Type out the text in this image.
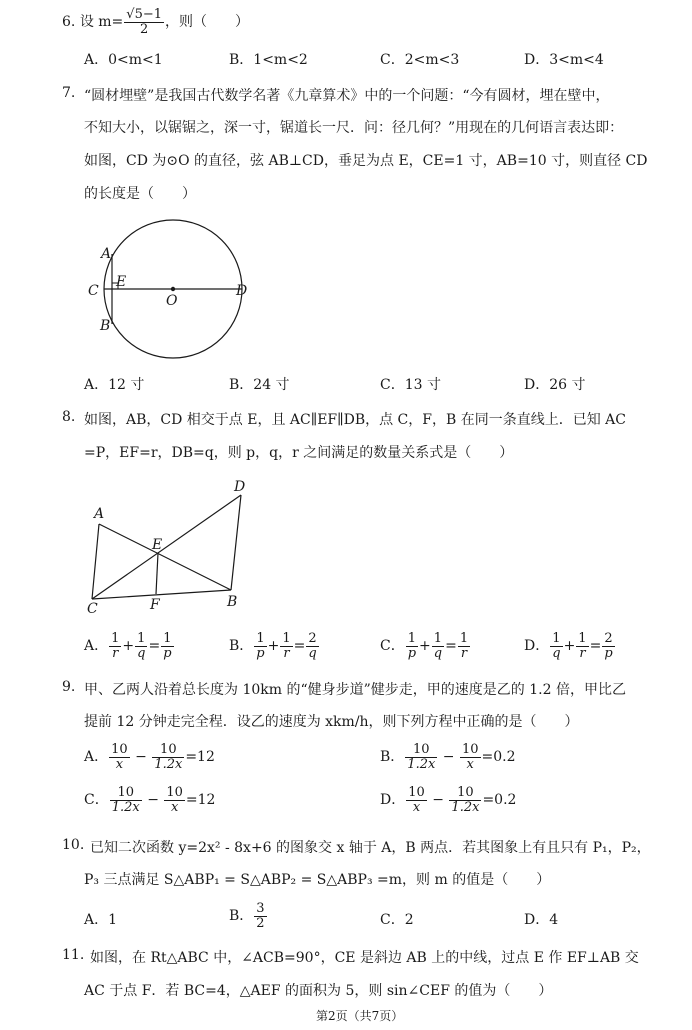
6. 设 $m= \frac{√5-1}{2}$ ，则（　　）
A．0<m<1	B．1<m<2	C．2<m<3	D．3<m<4
7. “圆材埋壁”是我国古代数学名著《九章算术》中的一个问题：“今有圆材，埋在壁中，
不知大小，以锯锯之，深一寸，锯道长一尺．问：径几何？”用现在的几何语言表达即：
如图，CD 为⊙O 的直径，弦 AB⊥CD，垂足为点 E，CE=1 寸，AB=10 寸，则直径 CD
的长度是（　　）
A
B
C	D
E
O
A．12 寸	B．24 寸	C．13 寸	D．26 寸
8. 如图，AB，CD 相交于点 E，且 AC∥EF∥DB，点 C，F，B 在同一条直线上．已知 AC
=P，EF=r，DB=q，则 p，q，r 之间满足的数量关系式是（　　）
A
D
E
C	F	B
A． $\frac{1}{r} + \frac{1}{q} = \frac{1}{p}$	B． $\frac{1}{p} + \frac{1}{r} = \frac{2}{q}$	C． $\frac{1}{p} + \frac{1}{q} = \frac{1}{r}$	D． $\frac{1}{q} + \frac{1}{r} = \frac{2}{p}$
9. 甲、乙两人沿着总长度为 10km 的“健身步道”健步走，甲的速度是乙的 1.2 倍，甲比乙
提前 12 分钟走完全程．设乙的速度为 xkm/h，则下列方程中正确的是（　　）
A． $\frac{10}{x} - \frac{10}{1.2x} =12$	B． $\frac{10}{1.2x} - \frac{10}{x} =0.2$
C． $\frac{10}{1.2x} - \frac{10}{x} =12$	D． $\frac{10}{x} - \frac{10}{1.2x} =0.2$
10. 已知二次函数 y=2x² - 8x+6 的图象交 x 轴于 A，B 两点．若其图象上有且只有 P₁，P₂，
P₃ 三点满足 S△ABP₁ = S△ABP₂ = S△ABP₃ =m，则 m 的值是（　　）
A．1	B． $\frac{3}{2}$	C．2	D．4
11. 如图，在 Rt△ABC 中，∠ACB=90°，CE 是斜边 AB 上的中线，过点 E 作 EF⊥AB 交
AC 于点 F．若 BC=4，△AEF 的面积为 5，则 sin∠CEF 的值为（　　）
第2页（共7页）
